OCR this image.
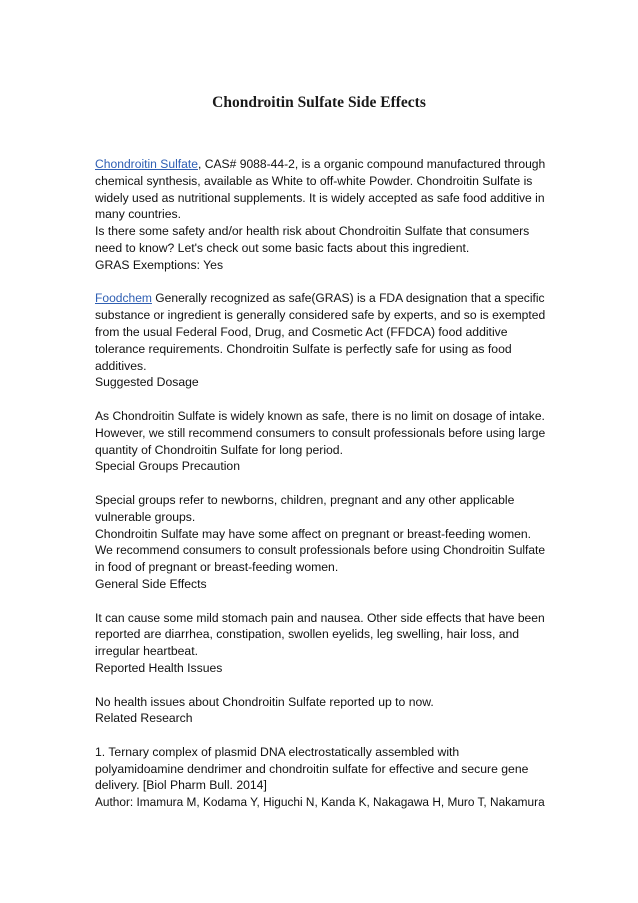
Chondroitin Sulfate Side Effects
Chondroitin Sulfate, CAS# 9088-44-2, is a organic compound manufactured through
chemical synthesis, available as White to off-white Powder. Chondroitin Sulfate is
widely used as nutritional supplements. It is widely accepted as safe food additive in
many countries.
Is there some safety and/or health risk about Chondroitin Sulfate that consumers
need to know? Let's check out some basic facts about this ingredient.
GRAS Exemptions: Yes
Foodchem Generally recognized as safe(GRAS) is a FDA designation that a specific
substance or ingredient is generally considered safe by experts, and so is exempted
from the usual Federal Food, Drug, and Cosmetic Act (FFDCA) food additive
tolerance requirements. Chondroitin Sulfate is perfectly safe for using as food
additives.
Suggested Dosage
As Chondroitin Sulfate is widely known as safe, there is no limit on dosage of intake.
However, we still recommend consumers to consult professionals before using large
quantity of Chondroitin Sulfate for long period.
Special Groups Precaution
Special groups refer to newborns, children, pregnant and any other applicable
vulnerable groups.
Chondroitin Sulfate may have some affect on pregnant or breast-feeding women.
We recommend consumers to consult professionals before using Chondroitin Sulfate
in food of pregnant or breast-feeding women.
General Side Effects
It can cause some mild stomach pain and nausea. Other side effects that have been
reported are diarrhea, constipation, swollen eyelids, leg swelling, hair loss, and
irregular heartbeat.
Reported Health Issues
No health issues about Chondroitin Sulfate reported up to now.
Related Research
1. Ternary complex of plasmid DNA electrostatically assembled with
polyamidoamine dendrimer and chondroitin sulfate for effective and secure gene
delivery. [Biol Pharm Bull. 2014]
Author: Imamura M, Kodama Y, Higuchi N, Kanda K, Nakagawa H, Muro T, Nakamura
